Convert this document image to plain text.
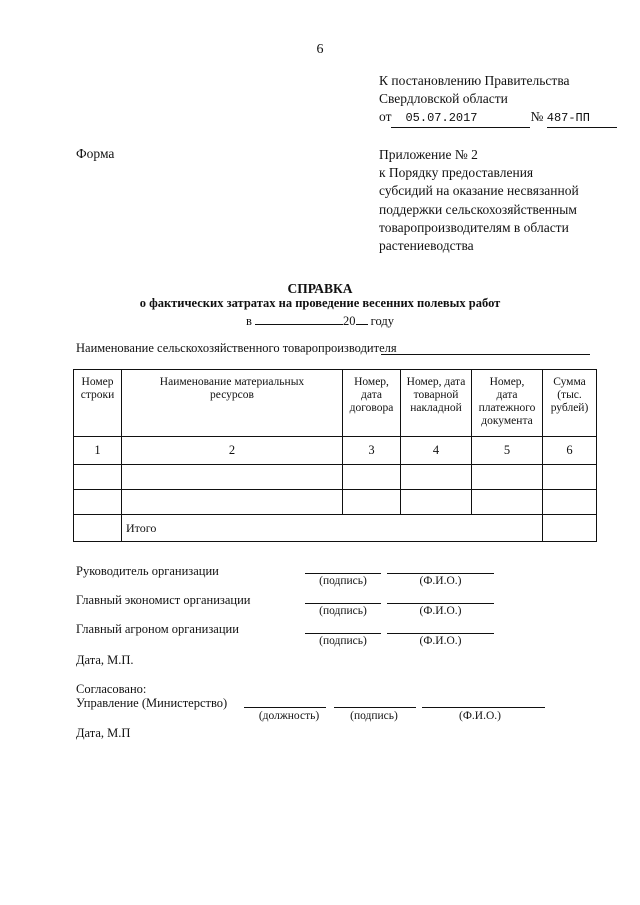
6
К постановлению Правительства
Свердловской области
от 05.07.2017	№ 487-ПП
Форма	Приложение № 2
к Порядку предоставления
субсидий на оказание несвязанной
поддержки сельскохозяйственным
товаропроизводителям в области
растениеводства
СПРАВКА
о фактических затратах на проведение весенних полевых работ
в	20 году
Наименование сельскохозяйственного товаропроизводителя
Номер строки	Наименование материальных ресурсов	Номер, дата договора	Номер, дата товарной накладной	Номер, дата платежного документа	Сумма (тыс. рублей)
1	2	3	4	5	6

	Итого				
Руководитель организации
(подпись)	(Ф.И.О.)
Главный экономист организации
(подпись)	(Ф.И.О.)
Главный агроном организации
(подпись)	(Ф.И.О.)
Дата, М.П.
Согласовано:
Управление (Министерство)
(должность)	(подпись)	(Ф.И.О.)
Дата, М.П
